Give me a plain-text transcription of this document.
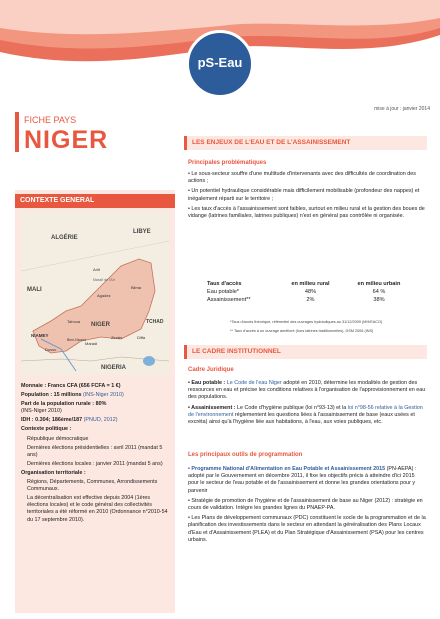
pS-Eau
mise à jour : janvier 2014
FICHE PAYS
NIGER
CONTEXTE GENERAL
ALGÉRIE
LIBYE
MALI
NIGER	TCHAD
NIGERIA
Massif de l'Aïr
Arlit
Bilma
Agadez
Tahoua
NIAMEY
Dosso
Birni-Nkonni
Maradi
Zinder	Diffa

Monnaie : Francs CFA (656 FCFA = 1 €)

Population : 15 millions (INS-Niger 2010)

Part de la population rurale : 80%
(INS-Niger 2010)

IDH : 0.304; 186ème/187 (PNUD, 2012)

Contexte politique :

République démocratique

Dernières élections présidentielles : avril 2011 (mandat 5 ans)

Dernières élections locales : janvier 2011 (mandat 5 ans)

Organisation territoriale :

Régions, Départements, Communes, Arrondissements Communaux.

La décentralisation est effective depuis 2004 (1ères élections locales) et le code général des collectivités territoriales a été réformé en 2010 (Ordonnance n°2010-54 du 17 septembre 2010).

LES ENJEUX DE L'EAU ET DE L'ASSAINISSEMENT
Principales problématiques

• Le sous-secteur souffre d'une multitude d'intervenants avec des difficultés de coordination des actions ;

• Un potentiel hydraulique considérable mais difficilement mobilisable (profondeur des nappes) et inégalement réparti sur le territoire ;

• Les taux d'accès à l'assainissement sont faibles, surtout en milieu rural et la gestion des boues de vidange (latrines familiales, latrines publiques) n'est en général pas contrôlée ni organisée.

Taux d'accès	en milieu rural	en milieu urbain
Eau potable*	48%	64 %
Assainissement**	2%	38%
*Taux d'accès théorique, référentiel des ouvrages hydrauliques au 31/12/2009 (MH/EACO)
** Taux d'accès à un ouvrage amélioré (hors latrines traditionnelles), DSM 2006 (INS)
LE CADRE INSTITUTIONNEL
Cadre Juridique

• Eau potable : Le Code de l'eau Niger adopté en 2010, détermine les modalités de gestion des ressources en eau et précise les conditions relatives à l'organisation de l'approvisionnement en eau des populations.

• Assainissement : Le Code d'hygiène publique (loi n°93-13) et la loi n°98-56 relative à la Gestion de l'environnement réglementent les questions liées à l'assainissement de base (eaux usées et excréta) ainsi qu'à l'hygiène liée aux habitations, à l'eau, aux voies publiques, etc.

Les principaux outils de programmation

• Programme National d'Alimentation en Eau Potable et Assainissement 2015 (PN-AEPA) : adopté par le Gouvernement en décembre 2011, il fixe les objectifs précis à atteindre d'ici 2015 pour le secteur de l'eau potable et de l'assainissement et donne les grandes orientations pour y parvenir

• Stratégie de promotion de l'hygiène et de l'assainissement de base au Niger (2012) : stratégie en cours de validation. Intègre les grandes lignes du PNAEP-PA.

• Les Plans de développement communaux (PDC) constituent le socle de la programmation et de la planification des investissements dans le secteur en attendant la généralisation des Plans Locaux d'Eau et d'Assainissement (PLEA) et du Plan Stratégique d'Assainissement (PSA) pour les centres urbains.
